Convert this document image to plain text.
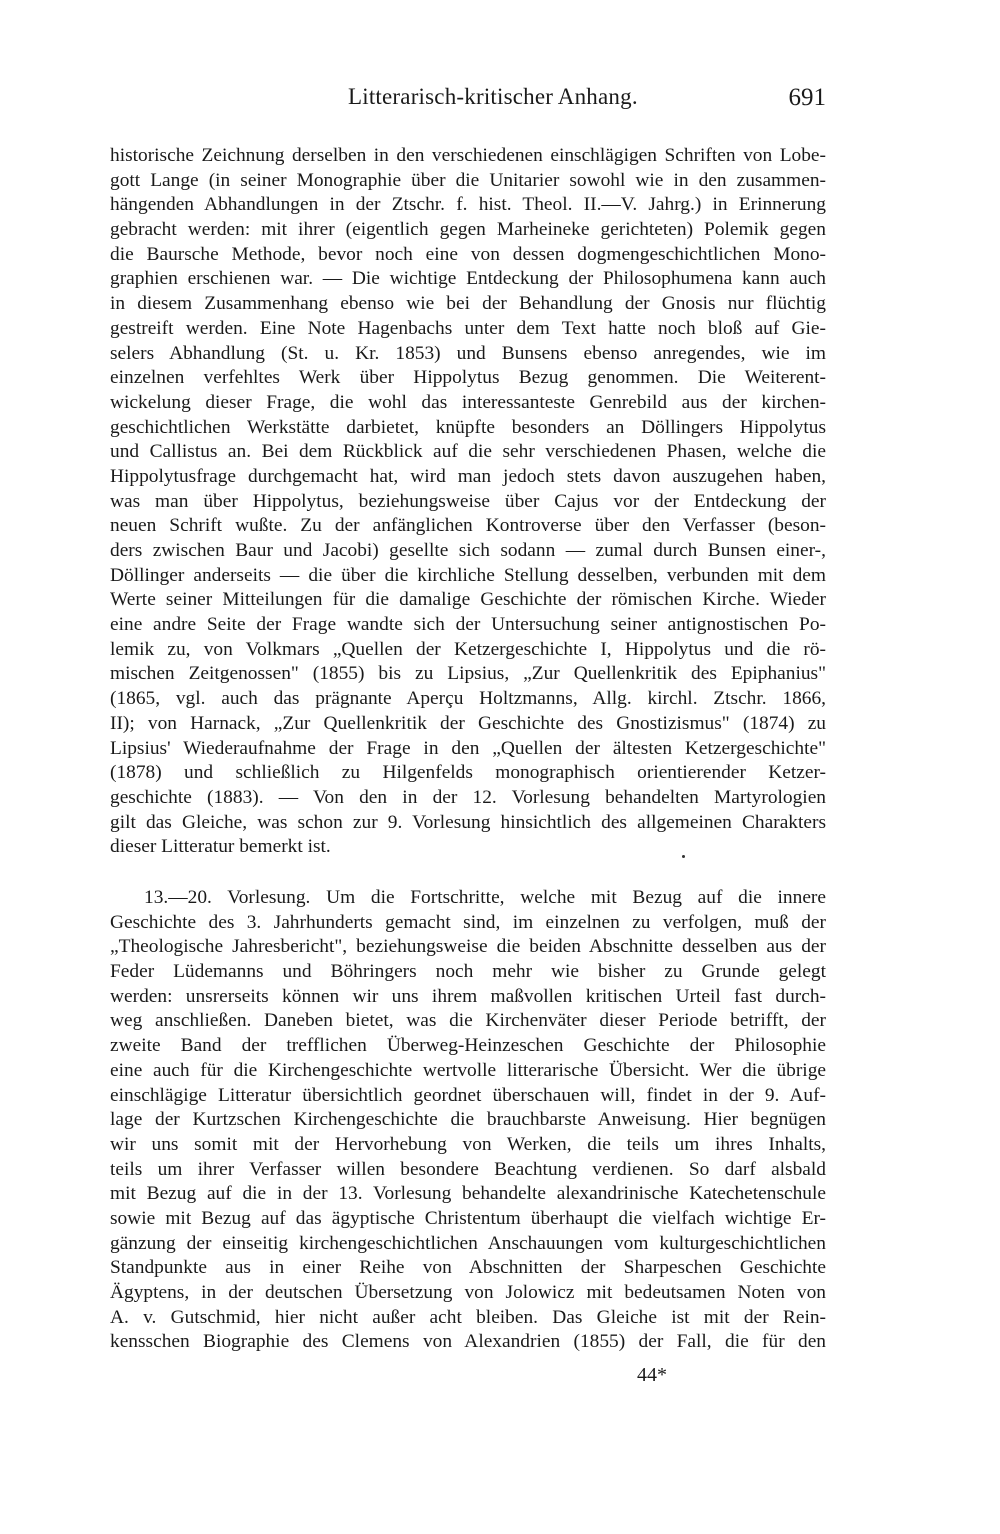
Litterarisch-kritischer Anhang.	691
historische Zeichnung derselben in den verschiedenen einschlägigen Schriften von Lobe-
gott Lange (in seiner Monographie über die Unitarier sowohl wie in den zusammen-
hängenden Abhandlungen in der Ztschr. f. hist. Theol. II.—V. Jahrg.) in Erinnerung
gebracht werden: mit ihrer (eigentlich gegen Marheineke gerichteten) Polemik gegen
die Baursche Methode, bevor noch eine von dessen dogmengeschichtlichen Mono-
graphien erschienen war. — Die wichtige Entdeckung der Philosophumena kann auch
in diesem Zusammenhang ebenso wie bei der Behandlung der Gnosis nur flüchtig
gestreift werden. Eine Note Hagenbachs unter dem Text hatte noch bloß auf Gie-
selers Abhandlung (St. u. Kr. 1853) und Bunsens ebenso anregendes, wie im
einzelnen verfehltes Werk über Hippolytus Bezug genommen. Die Weiterent-
wickelung dieser Frage, die wohl das interessanteste Genrebild aus der kirchen-
geschichtlichen Werkstätte darbietet, knüpfte besonders an Döllingers Hippolytus
und Callistus an. Bei dem Rückblick auf die sehr verschiedenen Phasen, welche die
Hippolytusfrage durchgemacht hat, wird man jedoch stets davon auszugehen haben,
was man über Hippolytus, beziehungsweise über Cajus vor der Entdeckung der
neuen Schrift wußte. Zu der anfänglichen Kontroverse über den Verfasser (beson-
ders zwischen Baur und Jacobi) gesellte sich sodann — zumal durch Bunsen einer-,
Döllinger anderseits — die über die kirchliche Stellung desselben, verbunden mit dem
Werte seiner Mitteilungen für die damalige Geschichte der römischen Kirche. Wieder
eine andre Seite der Frage wandte sich der Untersuchung seiner antignostischen Po-
lemik zu, von Volkmars „Quellen der Ketzergeschichte I, Hippolytus und die rö-
mischen Zeitgenossen" (1855) bis zu Lipsius, „Zur Quellenkritik des Epiphanius"
(1865, vgl. auch das prägnante Aperçu Holtzmanns, Allg. kirchl. Ztschr. 1866,
II); von Harnack, „Zur Quellenkritik der Geschichte des Gnostizismus" (1874) zu
Lipsius' Wiederaufnahme der Frage in den „Quellen der ältesten Ketzergeschichte"
(1878) und schließlich zu Hilgenfelds monographisch orientierender Ketzer-
geschichte (1883). — Von den in der 12. Vorlesung behandelten Martyrologien
gilt das Gleiche, was schon zur 9. Vorlesung hinsichtlich des allgemeinen Charakters
dieser Litteratur bemerkt ist.
13.—20. Vorlesung. Um die Fortschritte, welche mit Bezug auf die innere
Geschichte des 3. Jahrhunderts gemacht sind, im einzelnen zu verfolgen, muß der
„Theologische Jahresbericht", beziehungsweise die beiden Abschnitte desselben aus der
Feder Lüdemanns und Böhringers noch mehr wie bisher zu Grunde gelegt
werden: unsrerseits können wir uns ihrem maßvollen kritischen Urteil fast durch-
weg anschließen. Daneben bietet, was die Kirchenväter dieser Periode betrifft, der
zweite Band der trefflichen Überweg-Heinzeschen Geschichte der Philosophie
eine auch für die Kirchengeschichte wertvolle litterarische Übersicht. Wer die übrige
einschlägige Litteratur übersichtlich geordnet überschauen will, findet in der 9. Auf-
lage der Kurtzschen Kirchengeschichte die brauchbarste Anweisung. Hier begnügen
wir uns somit mit der Hervorhebung von Werken, die teils um ihres Inhalts,
teils um ihrer Verfasser willen besondere Beachtung verdienen. So darf alsbald
mit Bezug auf die in der 13. Vorlesung behandelte alexandrinische Katechetenschule
sowie mit Bezug auf das ägyptische Christentum überhaupt die vielfach wichtige Er-
gänzung der einseitig kirchengeschichtlichen Anschauungen vom kulturgeschichtlichen
Standpunkte aus in einer Reihe von Abschnitten der Sharpeschen Geschichte
Ägyptens, in der deutschen Übersetzung von Jolowicz mit bedeutsamen Noten von
A. v. Gutschmid, hier nicht außer acht bleiben. Das Gleiche ist mit der Rein-
kensschen Biographie des Clemens von Alexandrien (1855) der Fall, die für den
44*
